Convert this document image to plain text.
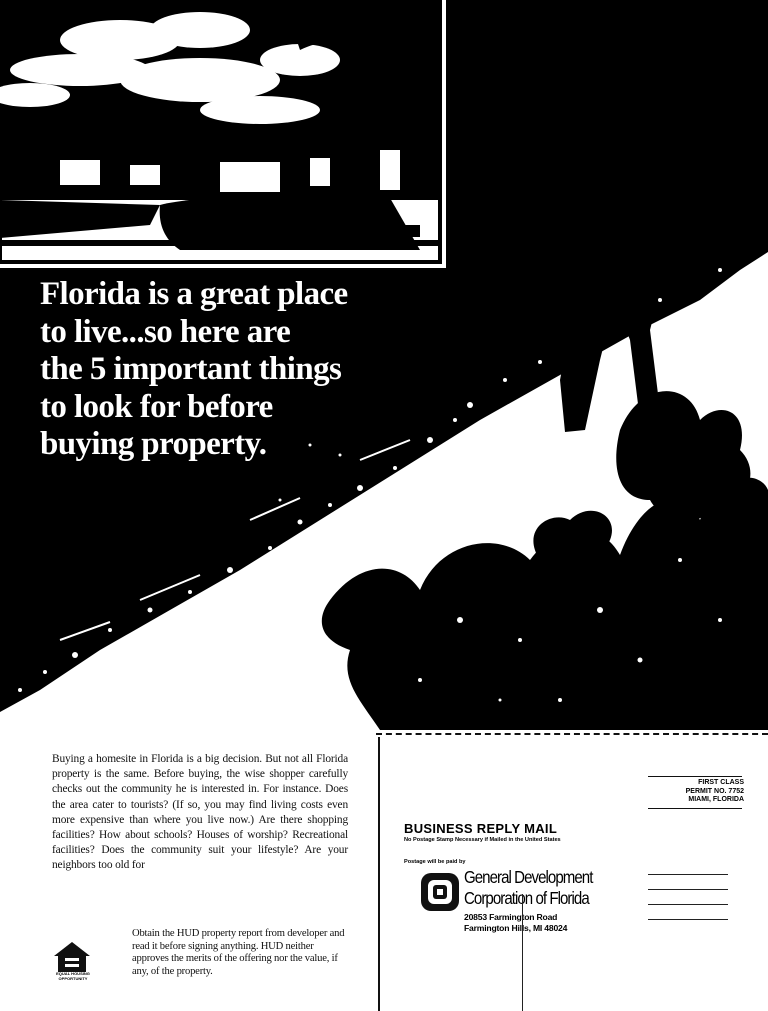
Florida is a great place
to live...so here are
the 5 important things
to look for before
buying property.

Buying a homesite in Florida is a big decision. But not all Florida property is the same. Before buying, the wise shopper carefully checks out the community he is interested in. For instance. Does the area cater to tourists? (If so, you may find living costs even more expensive than where you live now.) Are there shopping facilities? How about schools? Houses of worship? Recreational facilities? Does the community suit your lifestyle? Are your neighbors too old for

EQUAL HOUSING OPPORTUNITY

Obtain the HUD property report from developer and read it before signing anything. HUD neither approves the merits of the offering nor the value, if any, of the property.

FIRST CLASS
PERMIT NO. 7752
MIAMI, FLORIDA
BUSINESS REPLY MAIL
No Postage Stamp Necessary if Mailed in the United States
Postage will be paid by
General Development
Corporation of Florida
20853 Farmington Road
Farmington Hills, MI 48024
